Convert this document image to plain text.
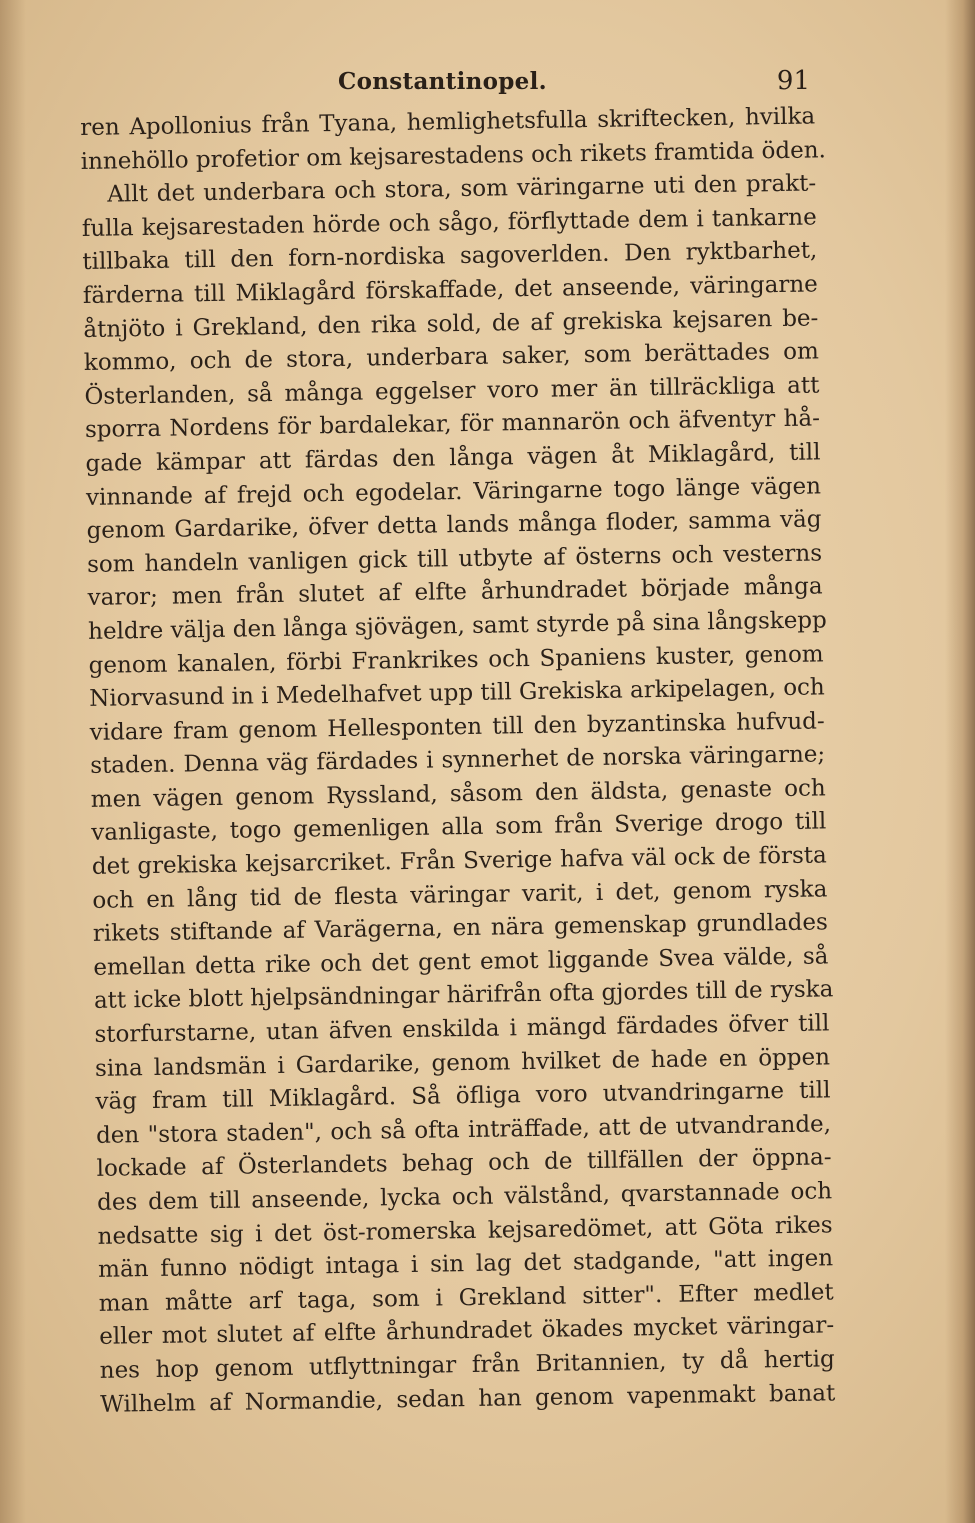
Constantinopel.	91
ren Apollonius från Tyana, hemlighetsfulla skriftecken, hvilka
innehöllo profetior om kejsarestadens och rikets framtida öden.
Allt det underbara och stora, som väringarne uti den prakt-
fulla kejsarestaden hörde och sågo, förflyttade dem i tankarne
tillbaka till den forn-nordiska sagoverlden. Den ryktbarhet,
färderna till Miklagård förskaffade, det anseende, väringarne
åtnjöto i Grekland, den rika sold, de af grekiska kejsaren be-
kommo, och de stora, underbara saker, som berättades om
Österlanden, så många eggelser voro mer än tillräckliga att
sporra Nordens för bardalekar, för mannarön och äfventyr hå-
gade kämpar att färdas den långa vägen åt Miklagård, till
vinnande af frejd och egodelar. Väringarne togo länge vägen
genom Gardarike, öfver detta lands många floder, samma väg
som handeln vanligen gick till utbyte af österns och vesterns
varor; men från slutet af elfte århundradet började många
heldre välja den långa sjövägen, samt styrde på sina långskepp
genom kanalen, förbi Frankrikes och Spaniens kuster, genom
Niorvasund in i Medelhafvet upp till Grekiska arkipelagen, och
vidare fram genom Hellesponten till den byzantinska hufvud-
staden. Denna väg färdades i synnerhet de norska väringarne;
men vägen genom Ryssland, såsom den äldsta, genaste och
vanligaste, togo gemenligen alla som från Sverige drogo till
det grekiska kejsarcriket. Från Sverige hafva väl ock de första
och en lång tid de flesta väringar varit, i det, genom ryska
rikets stiftande af Varägerna, en nära gemenskap grundlades
emellan detta rike och det gent emot liggande Svea välde, så
att icke blott hjelpsändningar härifrån ofta gjordes till de ryska
storfurstarne, utan äfven enskilda i mängd färdades öfver till
sina landsmän i Gardarike, genom hvilket de hade en öppen
väg fram till Miklagård. Så öfliga voro utvandringarne till
den "stora staden", och så ofta inträffade, att de utvandrande,
lockade af Österlandets behag och de tillfällen der öppna-
des dem till anseende, lycka och välstånd, qvarstannade och
nedsatte sig i det öst-romerska kejsaredömet, att Göta rikes
män funno nödigt intaga i sin lag det stadgande, "att ingen
man måtte arf taga, som i Grekland sitter". Efter medlet
eller mot slutet af elfte århundradet ökades mycket väringar-
nes hop genom utflyttningar från Britannien, ty då hertig
Wilhelm af Normandie, sedan han genom vapenmakt banat
